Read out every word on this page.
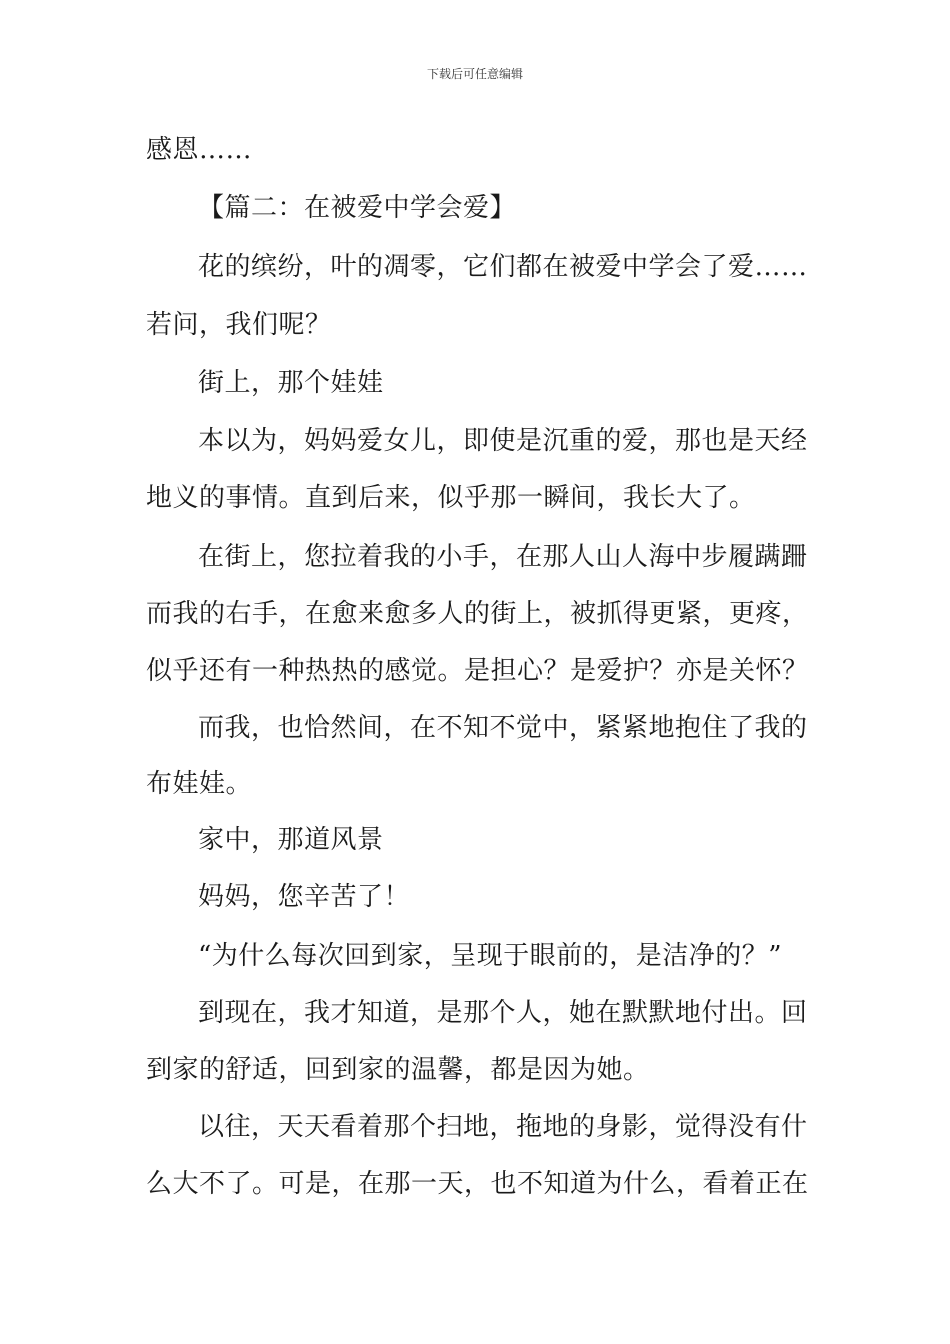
下载后可任意编辑
感恩……
【篇二：在被爱中学会爱】
花的缤纷，叶的凋零，它们都在被爱中学会了爱……
若问，我们呢？
街上，那个娃娃
本以为，妈妈爱女儿，即使是沉重的爱，那也是天经
地义的事情。直到后来，似乎那一瞬间，我长大了。
在街上，您拉着我的小手，在那人山人海中步履蹒跚
而我的右手，在愈来愈多人的街上，被抓得更紧，更疼，
似乎还有一种热热的感觉。是担心？是爱护？亦是关怀？
而我，也恰然间，在不知不觉中，紧紧地抱住了我的
布娃娃。
家中，那道风景
妈妈，您辛苦了！
“为什么每次回到家，呈现于眼前的，是洁净的？”
到现在，我才知道，是那个人，她在默默地付出。回
到家的舒适，回到家的温馨，都是因为她。
以往，天天看着那个扫地，拖地的身影，觉得没有什
么大不了。可是，在那一天，也不知道为什么，看着正在
